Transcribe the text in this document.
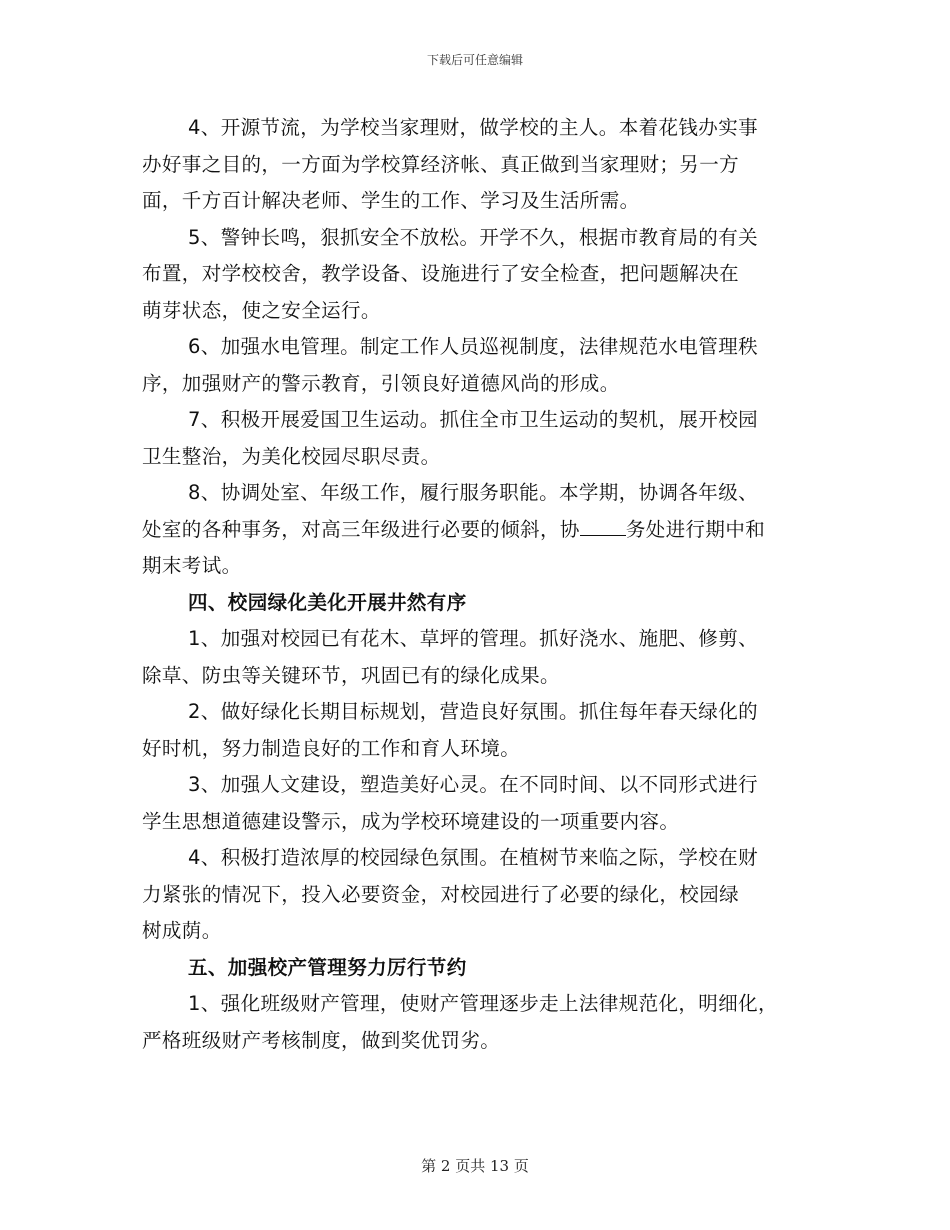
下载后可任意编辑

4、开源节流，为学校当家理财，做学校的主人。本着花钱办实事
办好事之目的，一方面为学校算经济帐、真正做到当家理财；另一方
面，千方百计解决老师、学生的工作、学习及生活所需。

5、警钟长鸣，狠抓安全不放松。开学不久，根据市教育局的有关
布置，对学校校舍，教学设备、设施进行了安全检查，把问题解决在
萌芽状态，使之安全运行。

6、加强水电管理。制定工作人员巡视制度，法律规范水电管理秩
序，加强财产的警示教育，引领良好道德风尚的形成。

7、积极开展爱国卫生运动。抓住全市卫生运动的契机，展开校园
卫生整治，为美化校园尽职尽责。

8、协调处室、年级工作，履行服务职能。本学期，协调各年级、
处室的各种事务，对高三年级进行必要的倾斜，协 务处进行期中和
期末考试。

四、校园绿化美化开展井然有序

1、加强对校园已有花木、草坪的管理。抓好浇水、施肥、修剪、
除草、防虫等关键环节，巩固已有的绿化成果。

2、做好绿化长期目标规划，营造良好氛围。抓住每年春天绿化的
好时机，努力制造良好的工作和育人环境。

3、加强人文建设，塑造美好心灵。在不同时间、以不同形式进行
学生思想道德建设警示，成为学校环境建设的一项重要内容。

4、积极打造浓厚的校园绿色氛围。在植树节来临之际，学校在财
力紧张的情况下，投入必要资金，对校园进行了必要的绿化，校园绿
树成荫。

五、加强校产管理努力厉行节约

1、强化班级财产管理，使财产管理逐步走上法律规范化，明细化，
严格班级财产考核制度，做到奖优罚劣。

第 2 页共 13 页
